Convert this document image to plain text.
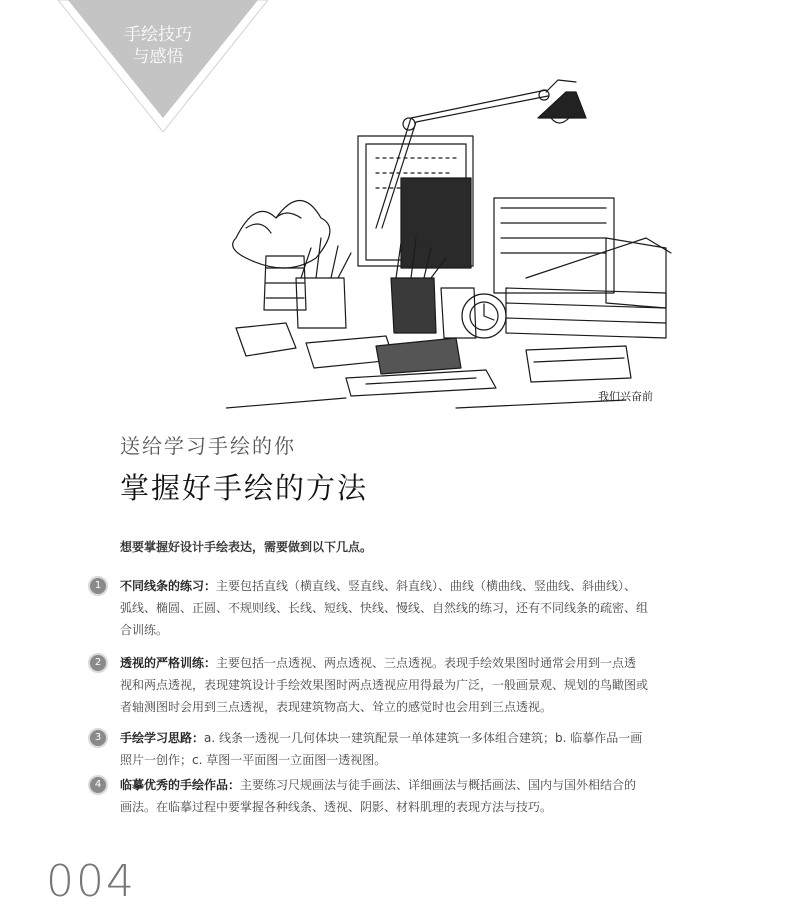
手绘技巧
与感悟
我们兴奋前
送给学习手绘的你
掌握好手绘的方法
想要掌握好设计手绘表达，需要做到以下几点。
1	不同线条的练习：主要包括直线（横直线、竖直线、斜直线）、曲线（横曲线、竖曲线、斜曲线）、弧线、椭圆、正圆、不规则线、长线、短线、快线、慢线、自然线的练习，还有不同线条的疏密、组合训练。
2	透视的严格训练：主要包括一点透视、两点透视、三点透视。表现手绘效果图时通常会用到一点透视和两点透视，表现建筑设计手绘效果图时两点透视应用得最为广泛，一般画景观、规划的鸟瞰图或者轴测图时会用到三点透视，表现建筑物高大、耸立的感觉时也会用到三点透视。
3	手绘学习思路：a. 线条一透视一几何体块一建筑配景一单体建筑一多体组合建筑；b. 临摹作品一画照片一创作；c. 草图一平面图一立面图一透视图。
4	临摹优秀的手绘作品：主要练习尺规画法与徒手画法、详细画法与概括画法、国内与国外相结合的画法。在临摹过程中要掌握各种线条、透视、阴影、材料肌理的表现方法与技巧。
004
